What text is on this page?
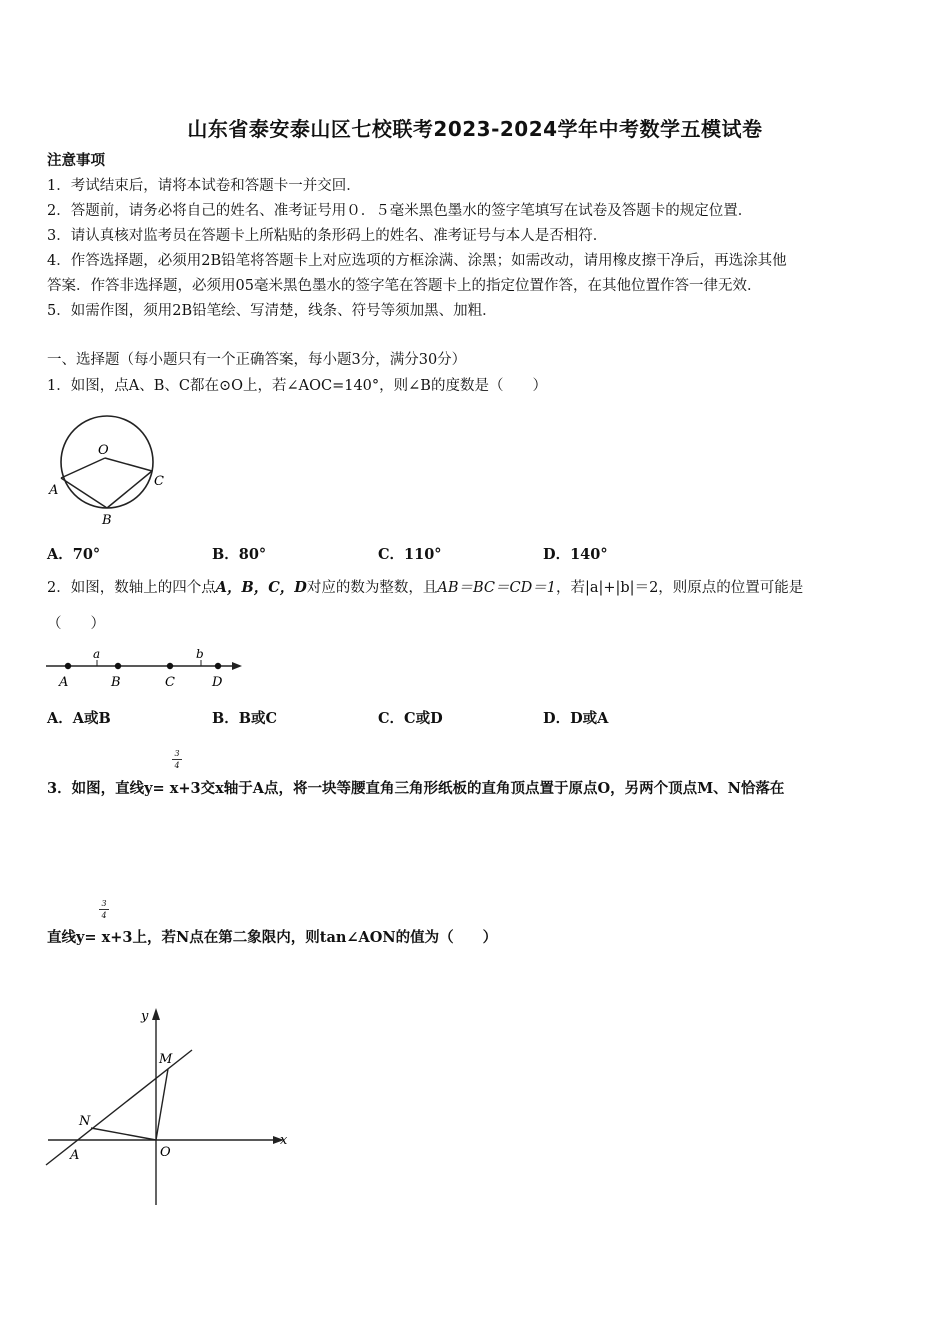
山东省泰安泰山区七校联考2023-2024学年中考数学五模试卷
注意事项
1．考试结束后，请将本试卷和答题卡一并交回．
2．答题前，请务必将自己的姓名、准考证号用０．５毫米黑色墨水的签字笔填写在试卷及答题卡的规定位置．
3．请认真核对监考员在答题卡上所粘贴的条形码上的姓名、准考证号与本人是否相符．
4．作答选择题，必须用2B铅笔将答题卡上对应选项的方框涂满、涂黑；如需改动，请用橡皮擦干净后，再选涂其他
答案．作答非选择题，必须用05毫米黑色墨水的签字笔在答题卡上的指定位置作答，在其他位置作答一律无效．
5．如需作图，须用2B铅笔绘、写清楚，线条、符号等须加黑、加粗．
一、选择题（每小题只有一个正确答案，每小题3分，满分30分）
1．如图，点A、B、C都在⊙O上，若∠AOC=140°，则∠B的度数是（　　）
O
A
B
C
A．70°	B．80°	C．110°	D．140°
2．如图，数轴上的四个点A，B，C，D对应的数为整数，且AB＝BC＝CD＝1，若|a|+|b|＝2，则原点的位置可能是
（　　）
a	b
A	B	C	D
A．A或B	B．B或C	C．C或D	D．D或A
3
4
3．如图，直线y= x+3交x轴于A点，将一块等腰直角三角形纸板的直角顶点置于原点O，另两个顶点M、N恰落在
3
4
直线y= x+3上，若N点在第二象限内，则tan∠AON的值为（　　）
y
x
M
N
O
A
